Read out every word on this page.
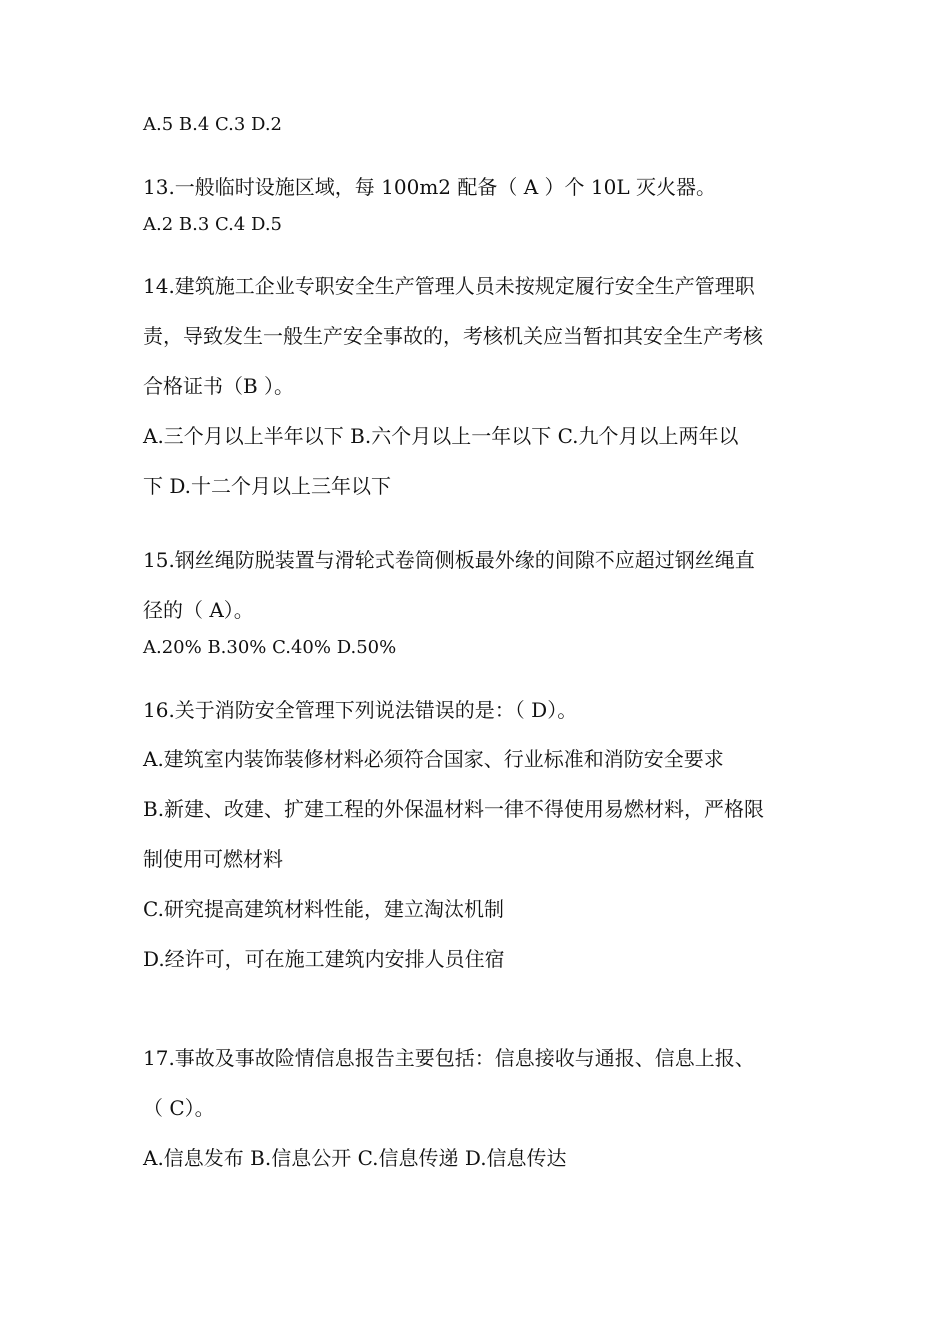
A.5 B.4 C.3 D.2
13.一般临时设施区域，每 100m2 配备（ A ）个 10L 灭火器。
A.2 B.3 C.4 D.5
14.建筑施工企业专职安全生产管理人员未按规定履行安全生产管理职
责，导致发生一般生产安全事故的，考核机关应当暂扣其安全生产考核
合格证书（B ）。
A.三个月以上半年以下 B.六个月以上一年以下 C.九个月以上两年以
下 D.十二个月以上三年以下
15.钢丝绳防脱装置与滑轮式卷筒侧板最外缘的间隙不应超过钢丝绳直
径的（ A）。
A.20% B.30% C.40% D.50%
16.关于消防安全管理下列说法错误的是：（ D）。
A.建筑室内装饰装修材料必须符合国家、行业标准和消防安全要求
B.新建、改建、扩建工程的外保温材料一律不得使用易燃材料，严格限
制使用可燃材料
C.研究提高建筑材料性能，建立淘汰机制
D.经许可，可在施工建筑内安排人员住宿
17.事故及事故险情信息报告主要包括：信息接收与通报、信息上报、
（ C）。
A.信息发布 B.信息公开 C.信息传递 D.信息传达
